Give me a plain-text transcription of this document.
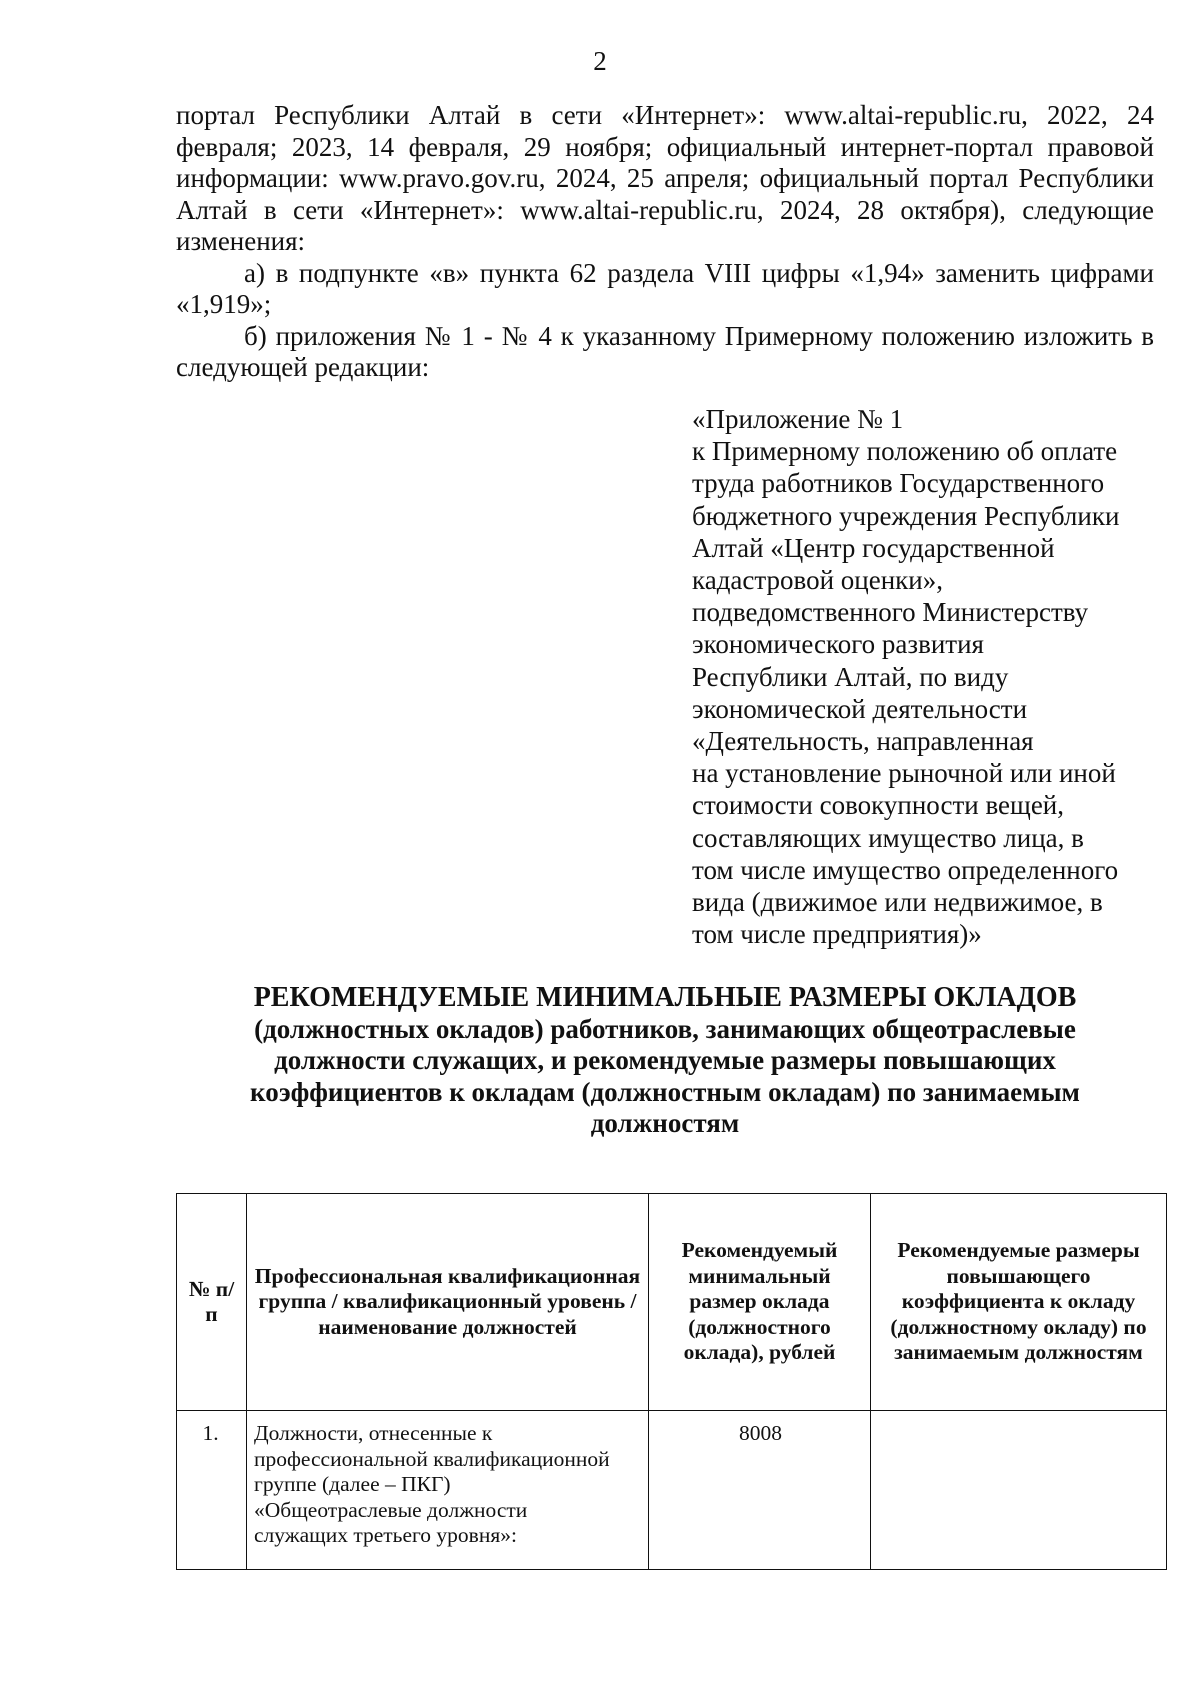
2

портал Республики Алтай в сети «Интернет»: www.altai-republic.ru, 2022, 24 февраля; 2023, 14 февраля, 29 ноября; официальный интернет-портал правовой информации: www.pravo.gov.ru, 2024, 25 апреля; официальный портал Республики Алтай в сети «Интернет»: www.altai-republic.ru, 2024, 28 октября), следующие изменения:

а) в подпункте «в» пункта 62 раздела VIII цифры «1,94» заменить цифрами «1,919»;

б) приложения № 1 - № 4 к указанному Примерному положению изложить в следующей редакции:

«Приложение № 1
к Примерному положению об оплате
труда работников Государственного
бюджетного учреждения Республики
Алтай «Центр государственной
кадастровой оценки»,
подведомственного Министерству
экономического развития
Республики Алтай, по виду
экономической деятельности
«Деятельность, направленная
на установление рыночной или иной
стоимости совокупности вещей,
составляющих имущество лица, в
том числе имущество определенного
вида (движимое или недвижимое, в
том числе предприятия)»
РЕКОМЕНДУЕМЫЕ МИНИМАЛЬНЫЕ РАЗМЕРЫ ОКЛАДОВ
(должностных окладов) работников, занимающих общеотраслевые
должности служащих, и рекомендуемые размеры повышающих
коэффициентов к окладам (должностным окладам) по занимаемым
должностям
№ п/п	Профессиональная квалификационная группа / квалификационный уровень / наименование должностей	Рекомендуемый минимальный размер оклада (должностного оклада), рублей	Рекомендуемые размеры повышающего коэффициента к окладу (должностному окладу) по занимаемым должностям
1.	Должности, отнесенные к
профессиональной квалификационной
группе (далее – ПКГ)
«Общеотраслевые должности
служащих третьего уровня»:	8008	
